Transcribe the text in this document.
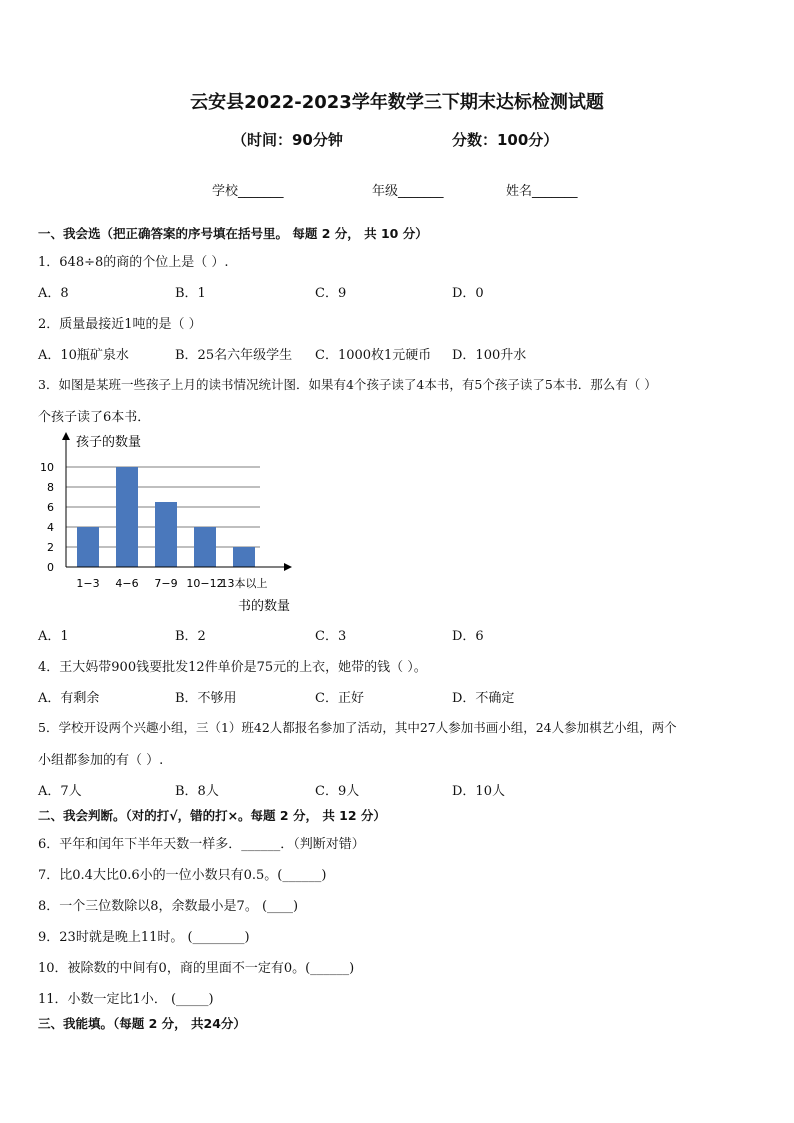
云安县2022-2023学年数学三下期末达标检测试题
（时间：90分钟	分数：100分）
学校_______	年级_______	姓名_______
一、我会选（把正确答案的序号填在括号里。 每题 2 分， 共 10 分）
1．648÷8的商的个位上是（ ）.
A．8	B．1	C．9	D．0
2．质量最接近1吨的是（ ）
A．10瓶矿泉水	B．25名六年级学生 C．1000枚1元硬币 D．100升水
3．如图是某班一些孩子上月的读书情况统计图．如果有4个孩子读了4本书，有5个孩子读了5本书．那么有（ ）
个孩子读了6本书．
0
2
4
6
8
10
1−3 4−6 7−9 10−12
13本以上
孩子的数量
书的数量
A．1	B．2	C．3	D．6
4．王大妈带900钱要批发12件单价是75元的上衣，她带的钱（ ）。
A．有剩余	B．不够用	C．正好	D．不确定
5．学校开设两个兴趣小组，三（1）班42人都报名参加了活动，其中27人参加书画小组，24人参加棋艺小组，两个
小组都参加的有（ ）.
A．7人	B．8人	C．9人	D．10人
二、我会判断。（对的打√，错的打×。每题 2 分， 共 12 分）
6．平年和闰年下半年天数一样多．______．（判断对错）
7．比0.4大比0.6小的一位小数只有0.5。(______)
8．一个三位数除以8，余数最小是7。 (____)
9．23时就是晚上11时。 (________)
10．被除数的中间有0，商的里面不一定有0。(______)
11．小数一定比1小． (_____)
三、我能填。（每题 2 分， 共24分）
